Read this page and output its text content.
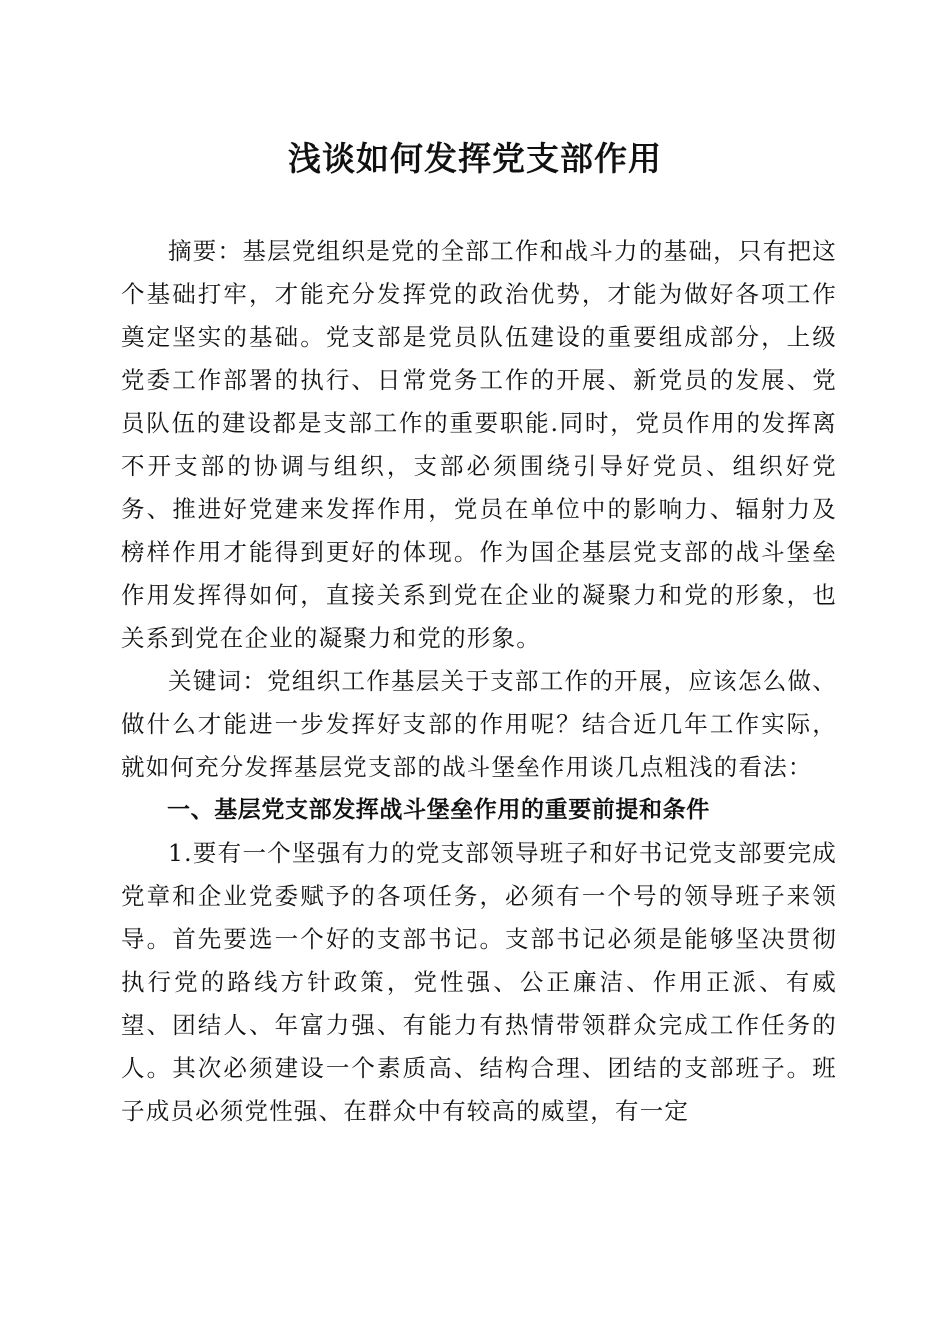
浅谈如何发挥党支部作用

摘要：基层党组织是党的全部工作和战斗力的基础，只有把这个基础打牢，才能充分发挥党的政治优势，才能为做好各项工作奠定坚实的基础。党支部是党员队伍建设的重要组成部分，上级党委工作部署的执行、日常党务工作的开展、新党员的发展、党员队伍的建设都是支部工作的重要职能.同时，党员作用的发挥离不开支部的协调与组织，支部必须围绕引导好党员、组织好党务、推进好党建来发挥作用，党员在单位中的影响力、辐射力及榜样作用才能得到更好的体现。作为国企基层党支部的战斗堡垒作用发挥得如何，直接关系到党在企业的凝聚力和党的形象，也关系到党在企业的凝聚力和党的形象。

关键词：党组织工作基层关于支部工作的开展，应该怎么做、做什么才能进一步发挥好支部的作用呢？结合近几年工作实际，就如何充分发挥基层党支部的战斗堡垒作用谈几点粗浅的看法：

一、基层党支部发挥战斗堡垒作用的重要前提和条件

1.要有一个坚强有力的党支部领导班子和好书记党支部要完成党章和企业党委赋予的各项任务，必须有一个号的领导班子来领导。首先要选一个好的支部书记。支部书记必须是能够坚决贯彻执行党的路线方针政策，党性强、公正廉洁、作用正派、有威望、团结人、年富力强、有能力有热情带领群众完成工作任务的人。其次必须建设一个素质高、结构合理、团结的支部班子。班子成员必须党性强、在群众中有较高的威望，有一定
